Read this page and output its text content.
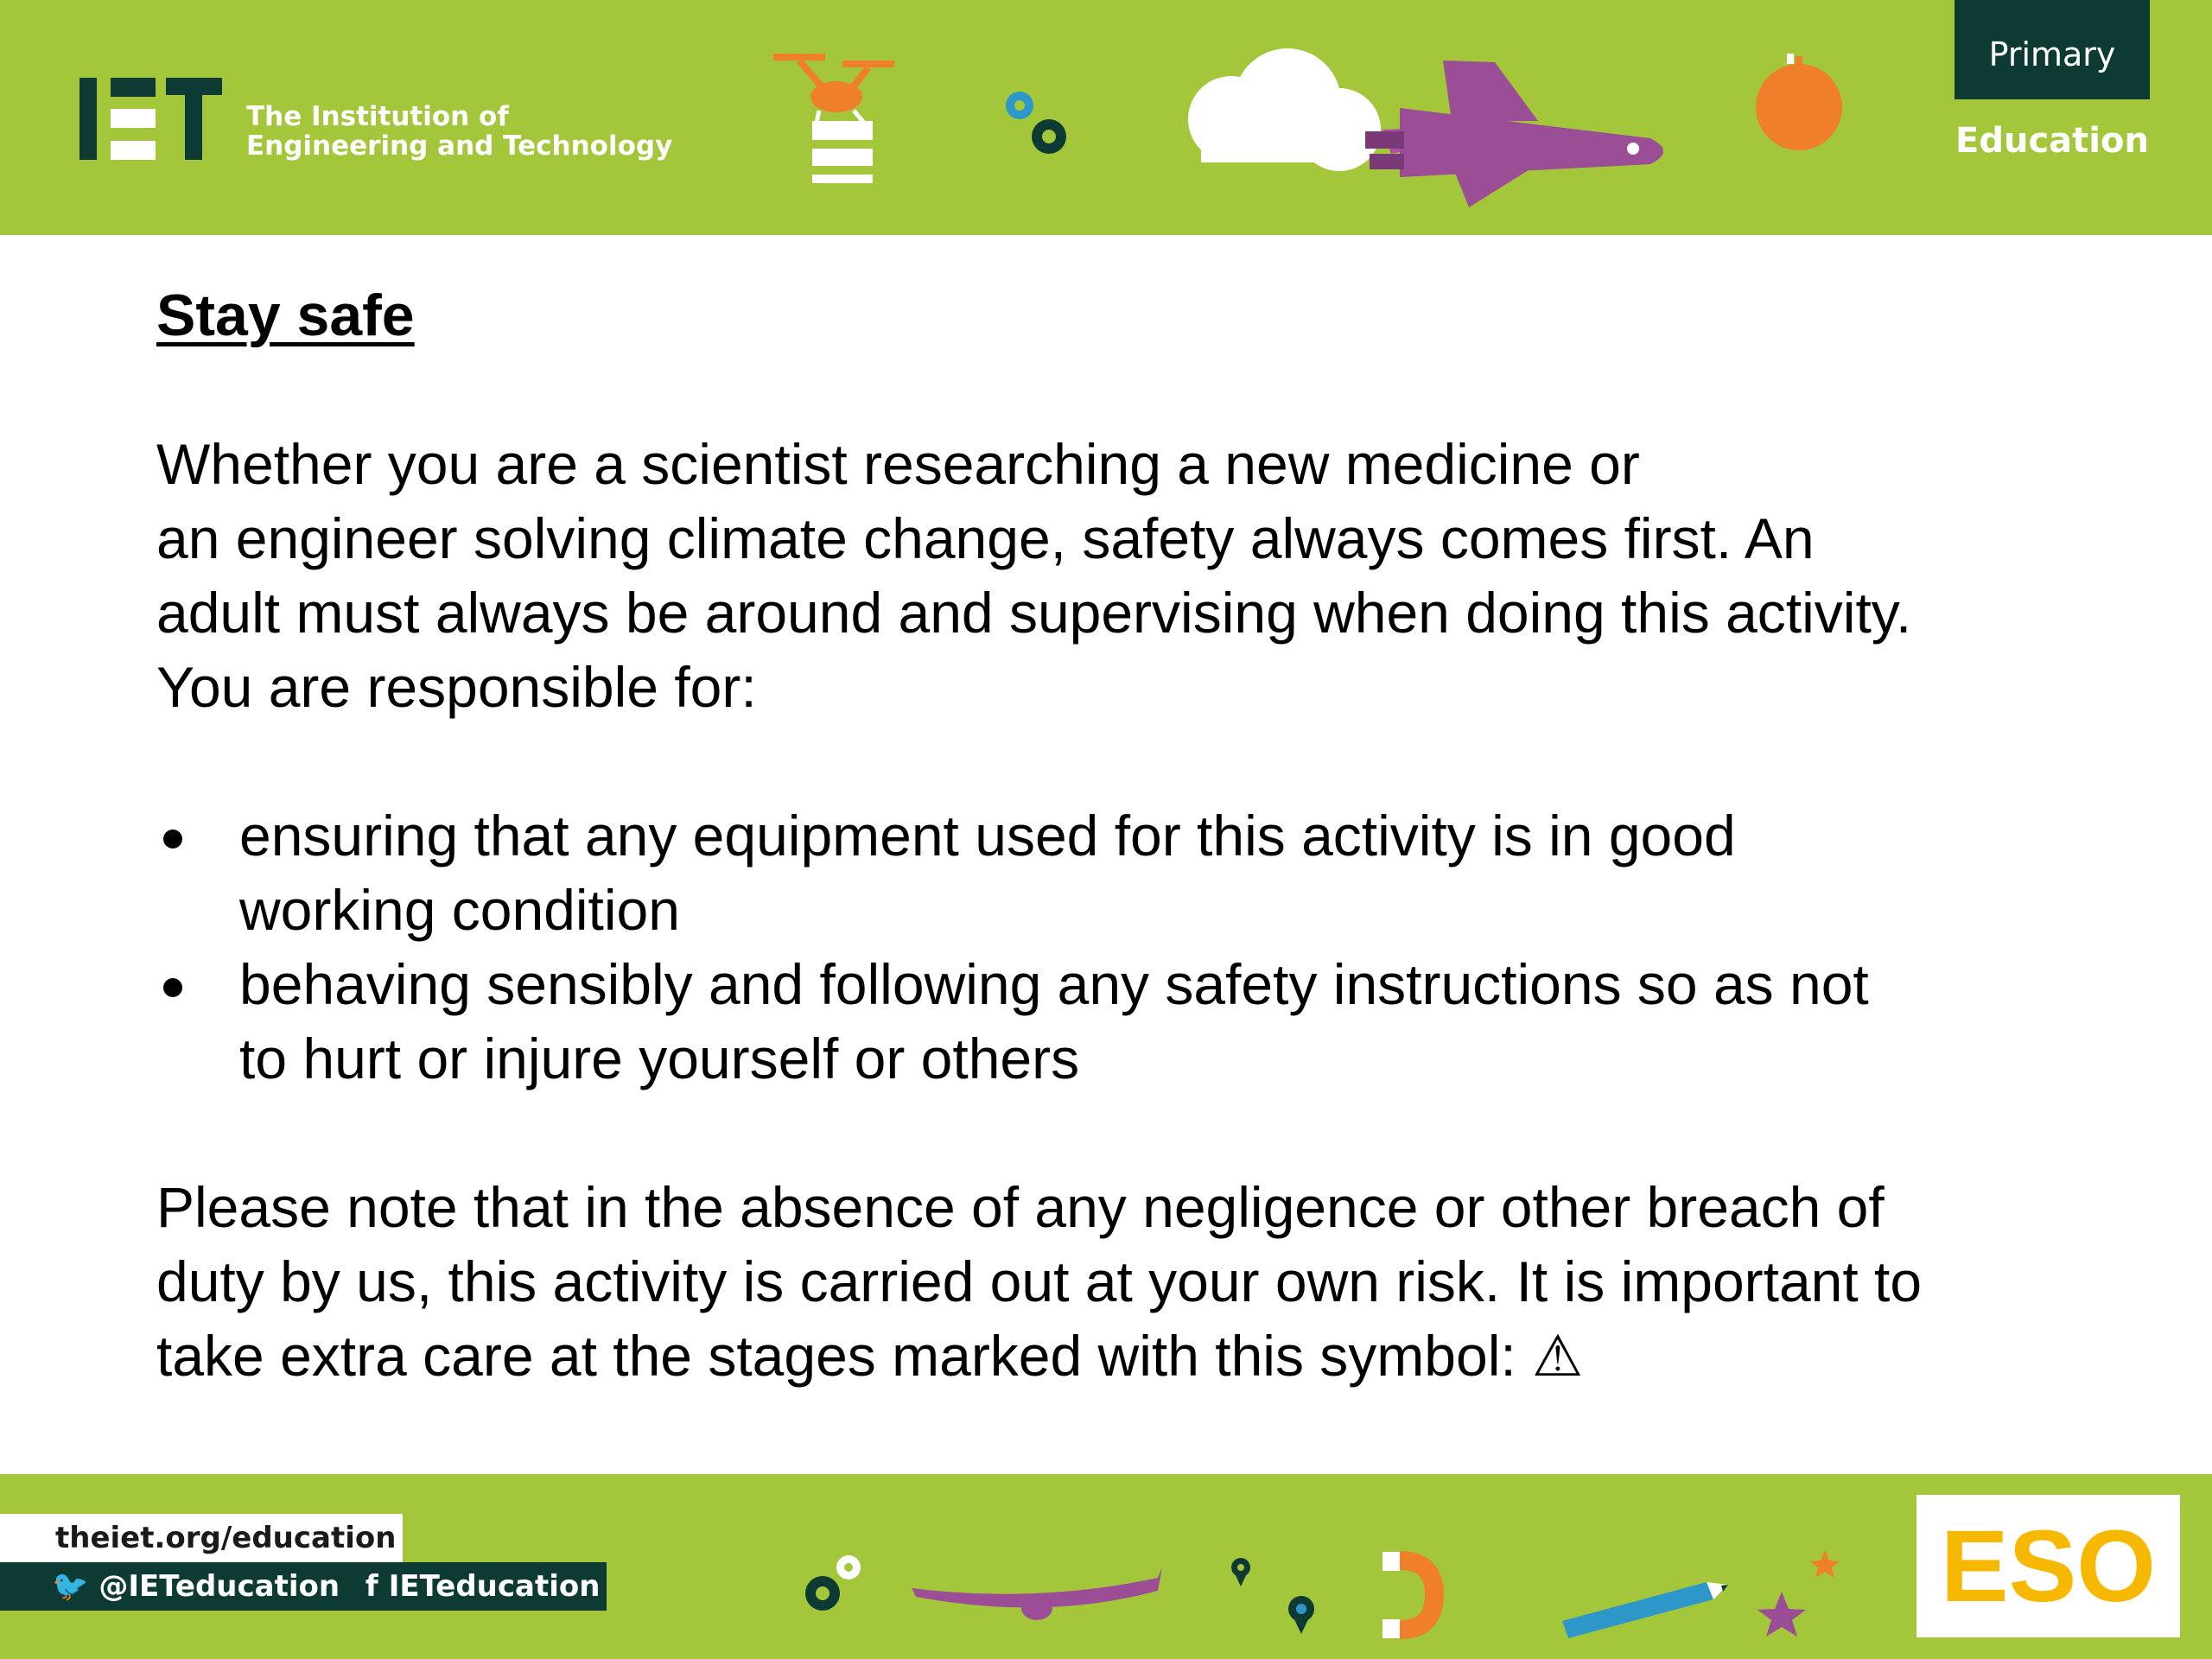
The Institution of
Engineering and Technology
Primary
Education
Stay safe

Whether you are a scientist researching a new medicine or
an engineer solving climate change, safety always comes first. An
adult must always be around and supervising when doing this activity.
You are responsible for:

ensuring that any equipment used for this activity is in good
working condition
behaving sensibly and following any safety instructions so as not
to hurt or injure yourself or others

Please note that in the absence of any negligence or other breach of
duty by us, this activity is carried out at your own risk. It is important to
take extra care at the stages marked with this symbol: ⚠

theiet.org/education
🐦 @IETeducation f IETeducation	ESO
